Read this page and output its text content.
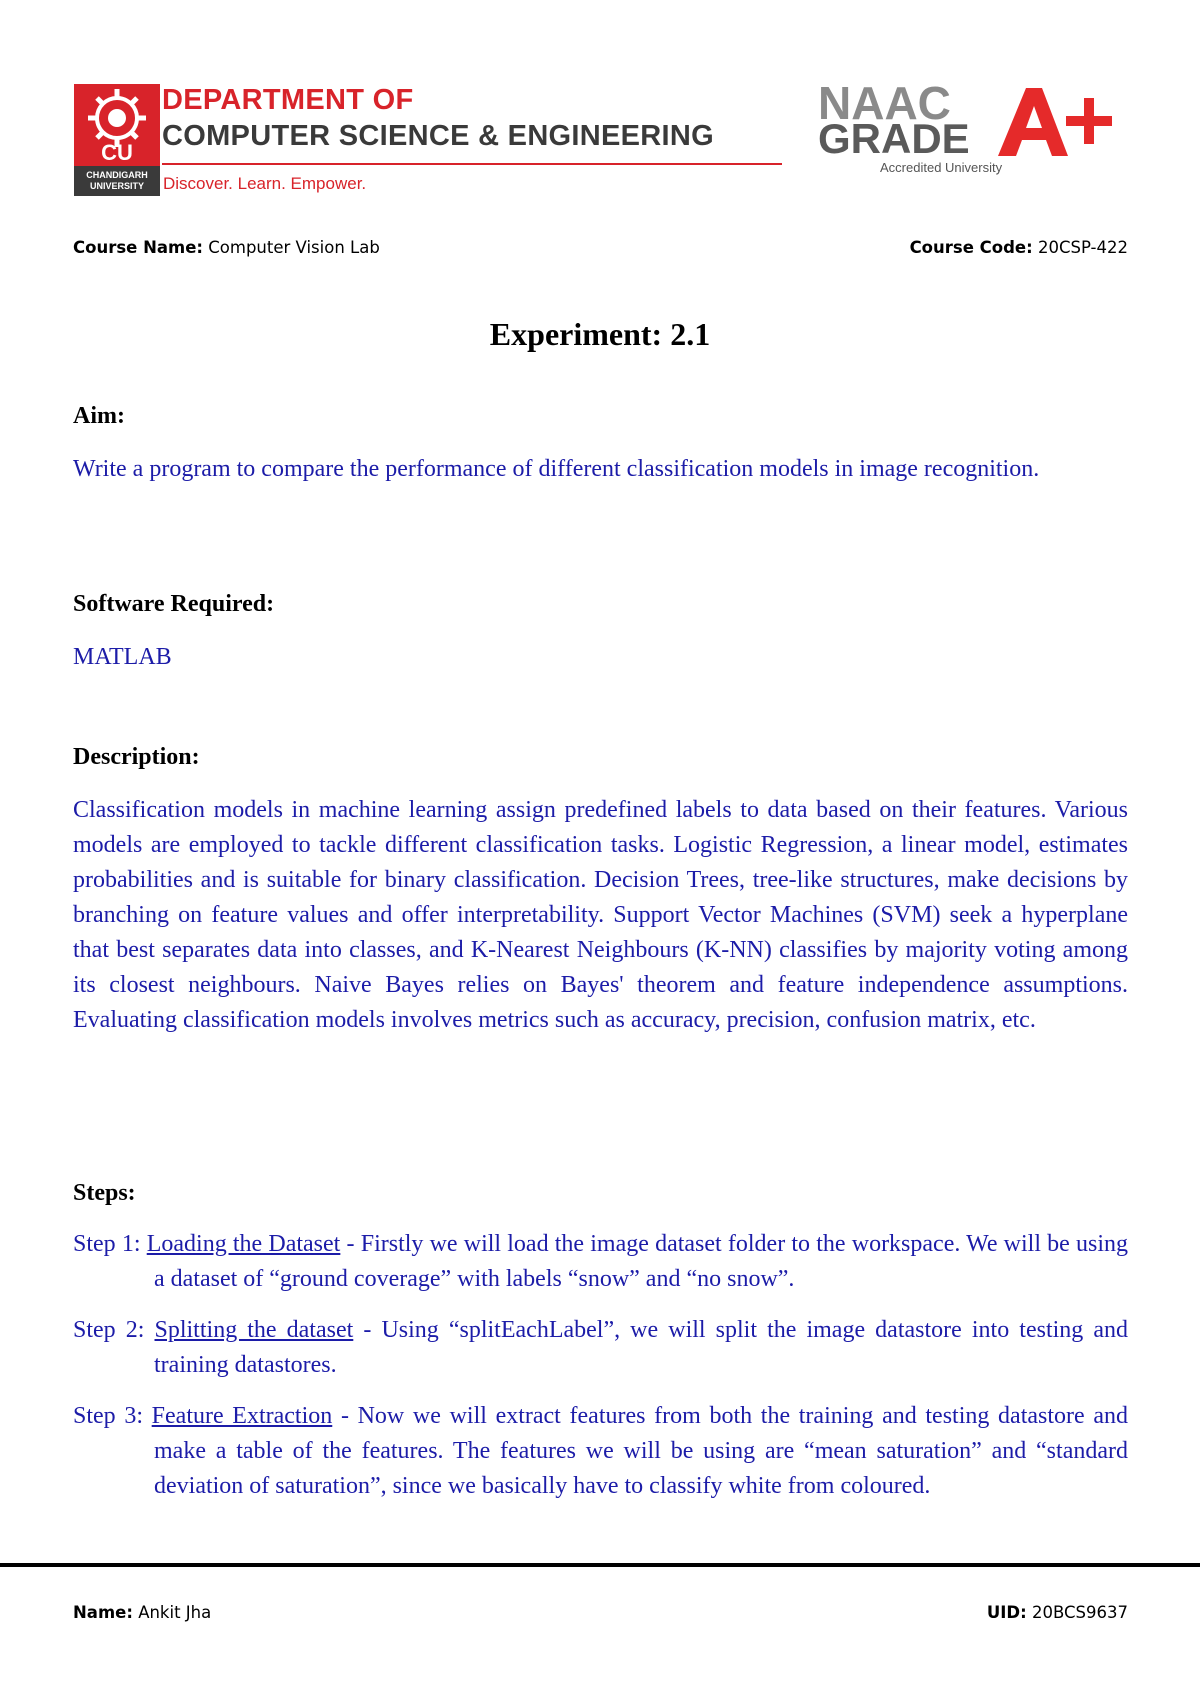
CU
CHANDIGARH UNIVERSITY
DEPARTMENT OF
COMPUTER SCIENCE & ENGINEERING
Discover. Learn. Empower.
NAAC
GRADE
Accredited University
Course Name: Computer Vision Lab	Course Code: 20CSP-422
Experiment: 2.1
Aim:
Write a program to compare the performance of different classification models in image recognition.
Software Required:
MATLAB
Description:
Classification models in machine learning assign predefined labels to data based on their features. Various models are employed to tackle different classification tasks. Logistic Regression, a linear model, estimates probabilities and is suitable for binary classification. Decision Trees, tree-like structures, make decisions by branching on feature values and offer interpretability. Support Vector Machines (SVM) seek a hyperplane that best separates data into classes, and K-Nearest Neighbours (K-NN) classifies by majority voting among its closest neighbours. Naive Bayes relies on Bayes' theorem and feature independence assumptions. Evaluating classification models involves metrics such as accuracy, precision, confusion matrix, etc.
Steps:
Step 1: Loading the Dataset - Firstly we will load the image dataset folder to the workspace. We will be using a dataset of “ground coverage” with labels “snow” and “no snow”.
Step 2: Splitting the dataset - Using “splitEachLabel”, we will split the image datastore into testing and training datastores.
Step 3: Feature Extraction - Now we will extract features from both the training and testing datastore and make a table of the features. The features we will be using are “mean saturation” and “standard deviation of saturation”, since we basically have to classify white from coloured.
Name: Ankit Jha	UID: 20BCS9637
